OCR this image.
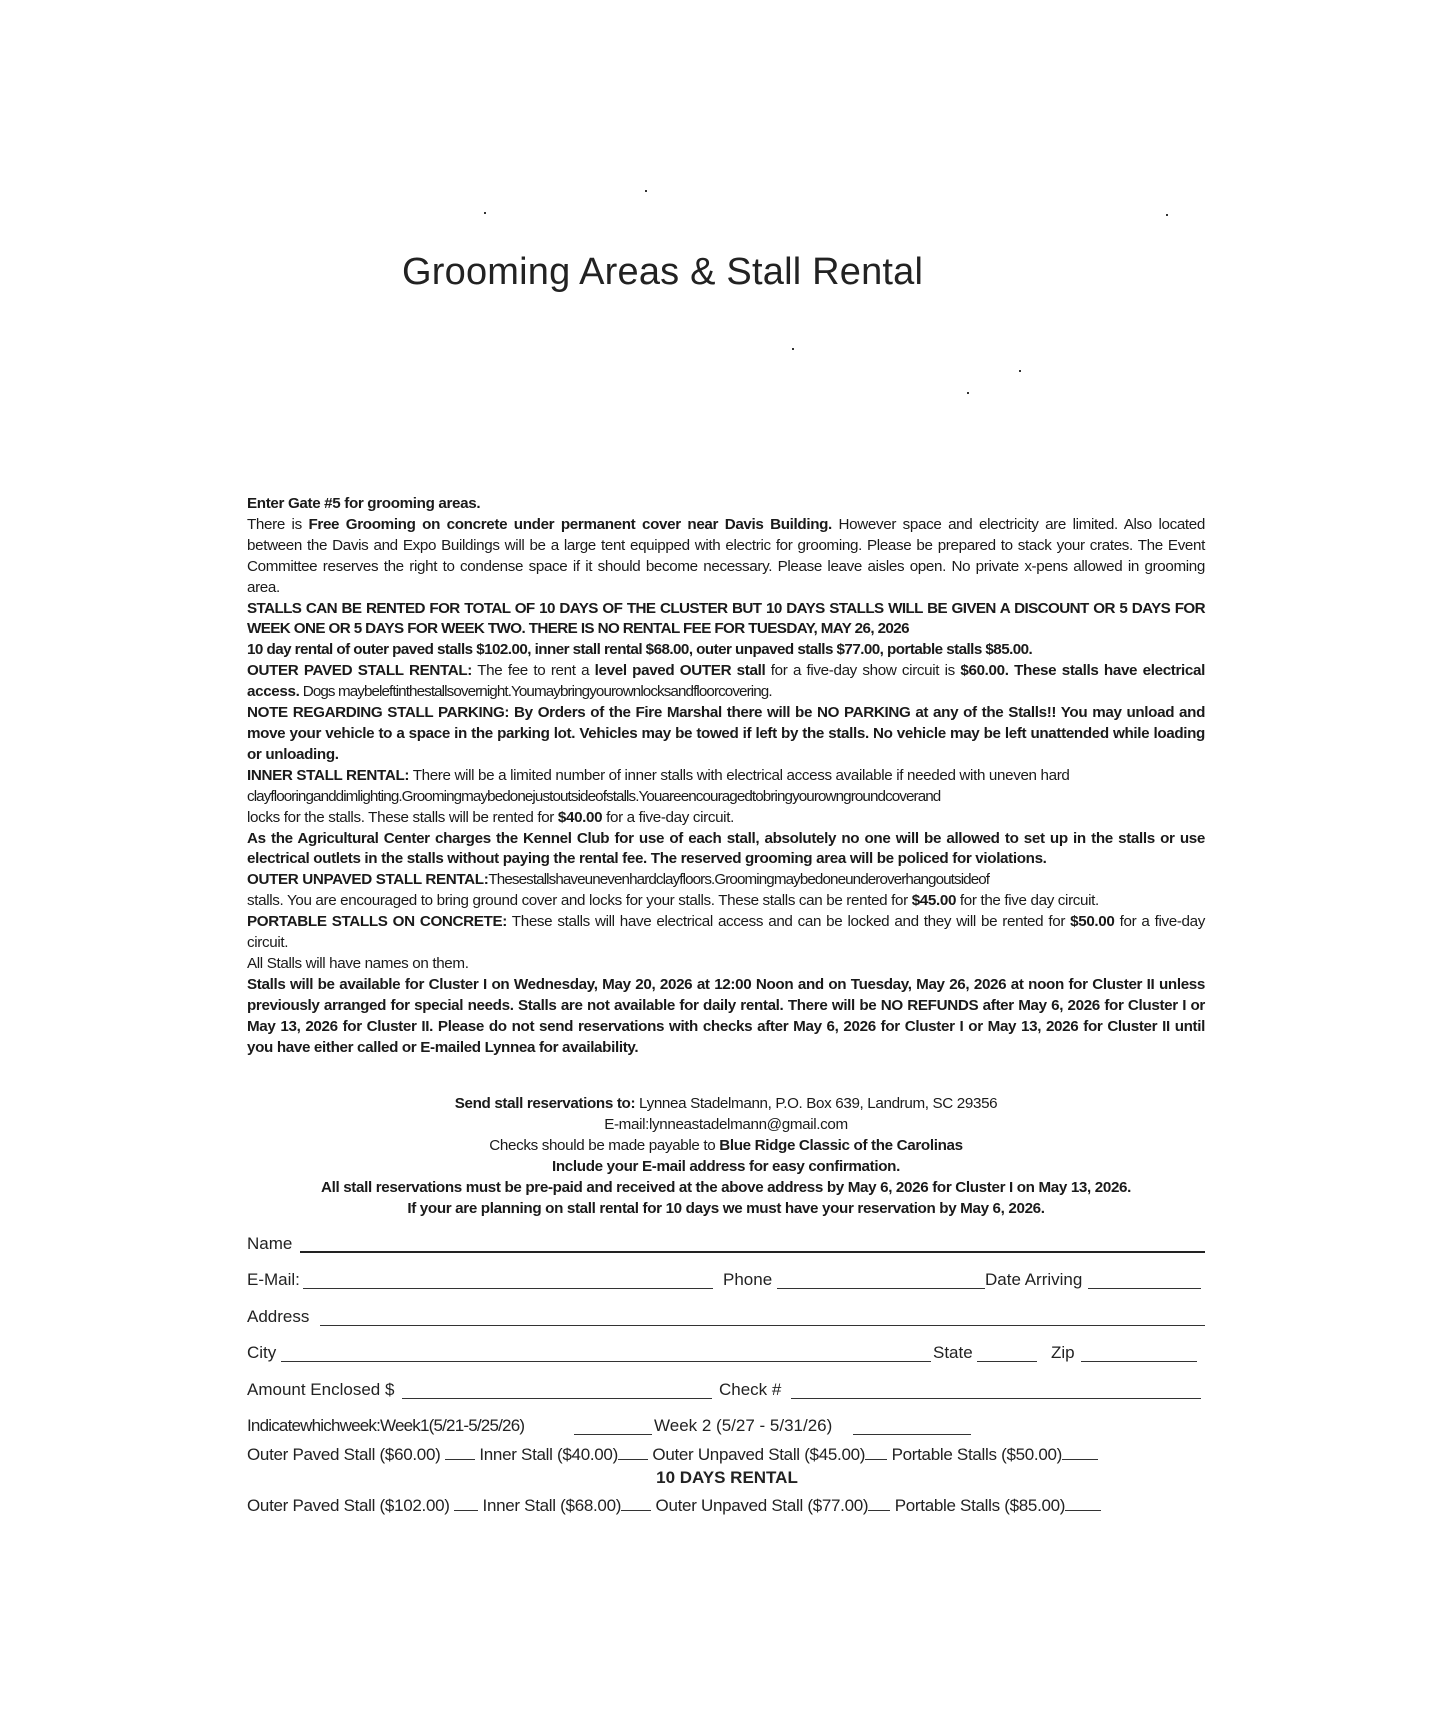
Grooming Areas & Stall Rental

Enter Gate #5 for grooming areas.

There is Free Grooming on concrete under permanent cover near Davis Building. However space and electricity are limited. Also located between the Davis and Expo Buildings will be a large tent equipped with electric for grooming. Please be prepared to stack your crates. The Event Committee reserves the right to condense space if it should become necessary. Please leave aisles open. No private x-pens allowed in grooming area.

STALLS CAN BE RENTED FOR TOTAL OF 10 DAYS OF THE CLUSTER BUT 10 DAYS STALLS WILL BE GIVEN A DISCOUNT OR 5 DAYS FOR WEEK ONE OR 5 DAYS FOR WEEK TWO. THERE IS NO RENTAL FEE FOR TUESDAY, MAY 26, 2026

10 day rental of outer paved stalls $102.00, inner stall rental $68.00, outer unpaved stalls $77.00, portable stalls $85.00.

OUTER PAVED STALL RENTAL: The fee to rent a level paved OUTER stall for a five-day show circuit is $60.00. These stalls have electrical access. Dogs maybeleftinthestallsovernight.Youmaybringyourownlocksandfloorcovering.

NOTE REGARDING STALL PARKING: By Orders of the Fire Marshal there will be NO PARKING at any of the Stalls!! You may unload and move your vehicle to a space in the parking lot. Vehicles may be towed if left by the stalls. No vehicle may be left unattended while loading or unloading.

INNER STALL RENTAL: There will be a limited number of inner stalls with electrical access available if needed with uneven hard

clayflooringanddimlighting.Groomingmaybedonejustoutsideofstalls.Youareencouragedtobringyourowngroundcoverand

locks for the stalls. These stalls will be rented for $40.00 for a five-day circuit.

As the Agricultural Center charges the Kennel Club for use of each stall, absolutely no one will be allowed to set up in the stalls or use electrical outlets in the stalls without paying the rental fee. The reserved grooming area will be policed for violations.

OUTER UNPAVED STALL RENTAL:Thesestallshaveunevenhardclayfloors.Groomingmaybedoneunderoverhangoutsideof

stalls. You are encouraged to bring ground cover and locks for your stalls. These stalls can be rented for $45.00 for the five day circuit.

PORTABLE STALLS ON CONCRETE: These stalls will have electrical access and can be locked and they will be rented for $50.00 for a five-day circuit.

All Stalls will have names on them.

Stalls will be available for Cluster I on Wednesday, May 20, 2026 at 12:00 Noon and on Tuesday, May 26, 2026 at noon for Cluster II unless previously arranged for special needs. Stalls are not available for daily rental. There will be NO REFUNDS after May 6, 2026 for Cluster I or May 13, 2026 for Cluster II. Please do not send reservations with checks after May 6, 2026 for Cluster I or May 13, 2026 for Cluster II until you have either called or E-mailed Lynnea for availability.

Send stall reservations to: Lynnea Stadelmann, P.O. Box 639, Landrum, SC 29356

E-mail:lynneastadelmann@gmail.com

Checks should be made payable to Blue Ridge Classic of the Carolinas

Include your E-mail address for easy confirmation.

All stall reservations must be pre-paid and received at the above address by May 6, 2026 for Cluster I on May 13, 2026.

If your are planning on stall rental for 10 days we must have your reservation by May 6, 2026.

Name
E-Mail:	Phone	Date Arriving
Address
City	State	Zip
Amount Enclosed $	Check #
Indicatewhichweek:Week1(5/21-5/25/26)	Week 2 (5/27 - 5/31/26)
Outer Paved Stall ($60.00) Inner Stall ($40.00) Outer Unpaved Stall ($45.00) Portable Stalls ($50.00)
10 DAYS RENTAL
Outer Paved Stall ($102.00) Inner Stall ($68.00) Outer Unpaved Stall ($77.00) Portable Stalls ($85.00)
